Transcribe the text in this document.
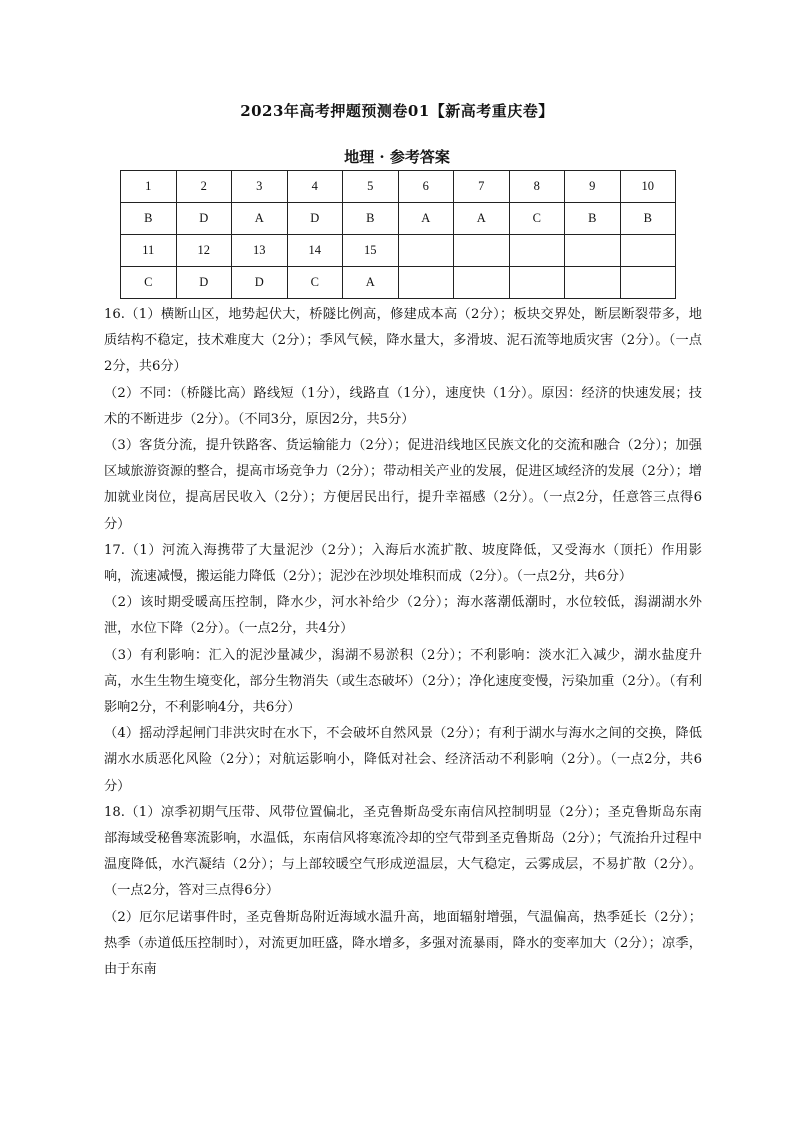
2023年高考押题预测卷01【新高考重庆卷】
地理 · 参考答案
1	2	3	4	5	6	7	8	9	10
B	D	A	D	B	A	A	C	B	B
11	12	13	14	15					
C	D	D	C	A					

16.（1）横断山区，地势起伏大，桥隧比例高，修建成本高（2分）；板块交界处，断层断裂带多，地质结构不稳定，技术难度大（2分）；季风气候，降水量大，多滑坡、泥石流等地质灾害（2分）。（一点2分，共6分）

（2）不同：（桥隧比高）路线短（1分），线路直（1分），速度快（1分）。原因：经济的快速发展；技术的不断进步（2分）。（不同3分，原因2分，共5分）

（3）客货分流，提升铁路客、货运输能力（2分）；促进沿线地区民族文化的交流和融合（2分）；加强区域旅游资源的整合，提高市场竞争力（2分）；带动相关产业的发展，促进区域经济的发展（2分）；增加就业岗位，提高居民收入（2分）；方便居民出行，提升幸福感（2分）。（一点2分，任意答三点得6分）

17.（1）河流入海携带了大量泥沙（2分）；入海后水流扩散、坡度降低，又受海水（顶托）作用影响，流速减慢，搬运能力降低（2分）；泥沙在沙坝处堆积而成（2分）。（一点2分，共6分）

（2）该时期受暖高压控制，降水少，河水补给少（2分）；海水落潮低潮时，水位较低，潟湖湖水外泄，水位下降（2分）。（一点2分，共4分）

（3）有利影响：汇入的泥沙量减少，潟湖不易淤积（2分）；不利影响：淡水汇入减少，湖水盐度升高，水生生物生境变化，部分生物消失（或生态破坏）（2分）；净化速度变慢，污染加重（2分）。（有利影响2分，不利影响4分，共6分）

（4）摇动浮起闸门非洪灾时在水下，不会破坏自然风景（2分）；有利于湖水与海水之间的交换，降低湖水水质恶化风险（2分）；对航运影响小，降低对社会、经济活动不利影响（2分）。（一点2分，共6分）

18.（1）凉季初期气压带、风带位置偏北，圣克鲁斯岛受东南信风控制明显（2分）；圣克鲁斯岛东南部海域受秘鲁寒流影响，水温低，东南信风将寒流冷却的空气带到圣克鲁斯岛（2分）；气流抬升过程中温度降低，水汽凝结（2分）；与上部较暖空气形成逆温层，大气稳定，云雾成层，不易扩散（2分）。（一点2分，答对三点得6分）

（2）厄尔尼诺事件时，圣克鲁斯岛附近海域水温升高，地面辐射增强，气温偏高，热季延长（2分）；热季（赤道低压控制时），对流更加旺盛，降水增多，多强对流暴雨，降水的变率加大（2分）；凉季，由于东南
